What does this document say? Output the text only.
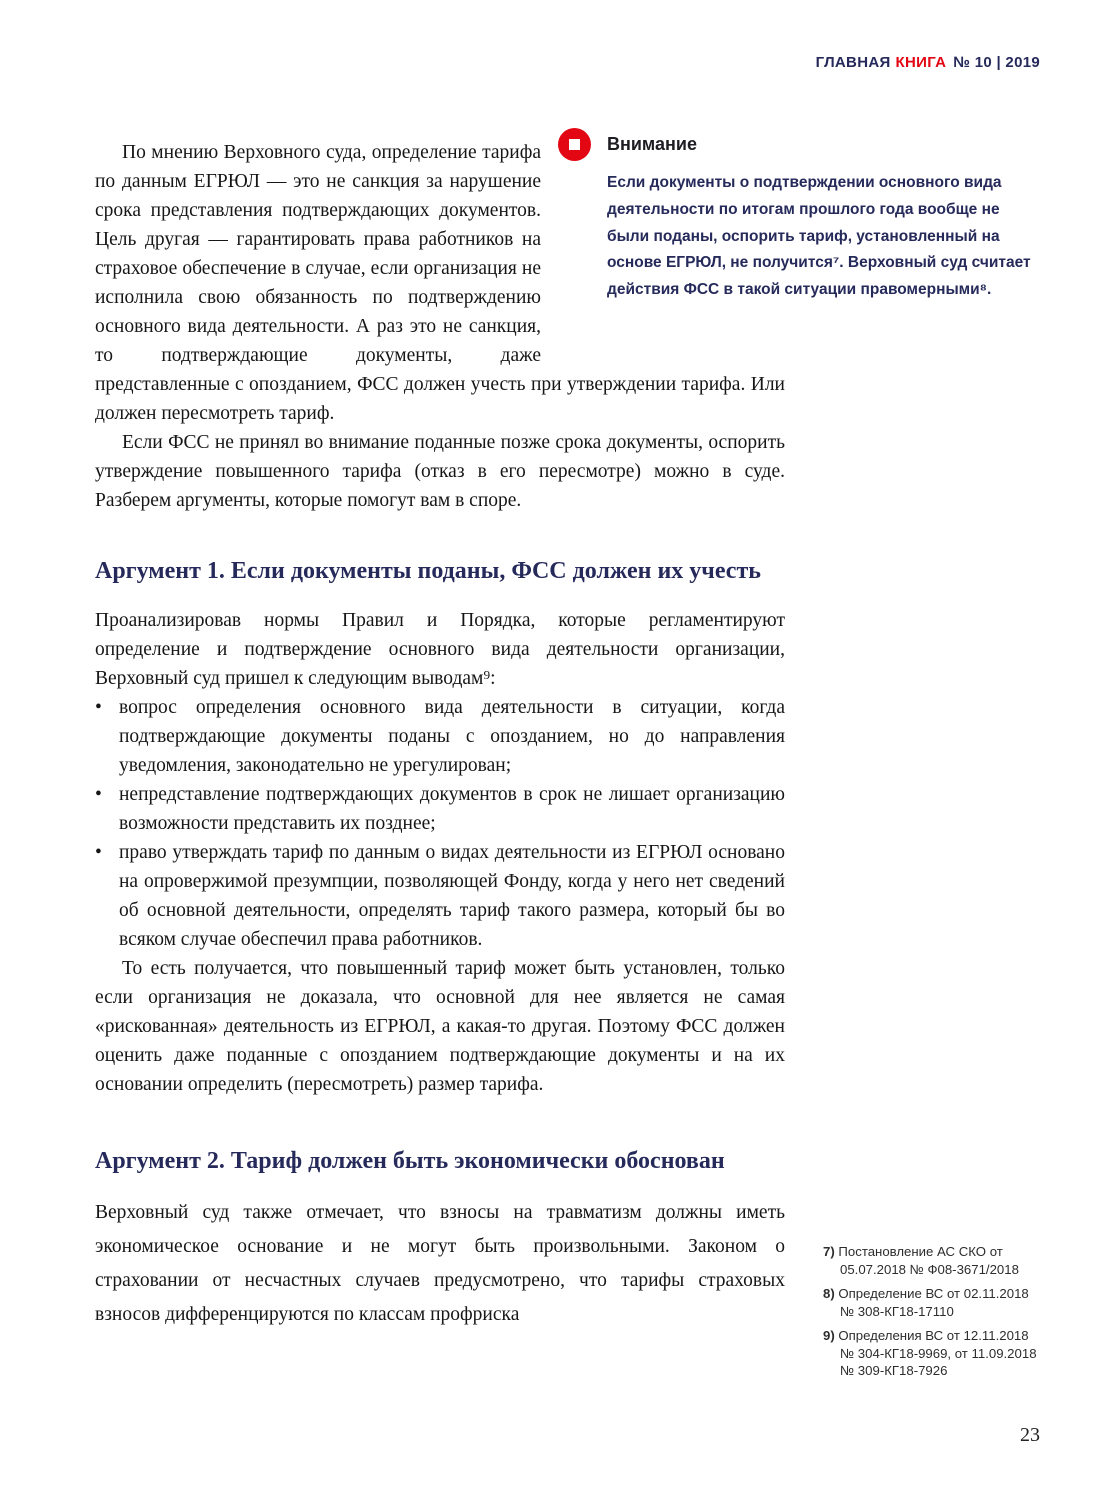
ГЛАВНАЯ КНИГА № 10 | 2019
Внимание

Если документы о подтверждении основного вида деятельности по итогам прошлого года вообще не были поданы, оспорить тариф, установленный на основе ЕГРЮЛ, не получится⁷. Верховный суд считает действия ФСС в такой ситуации правомерными⁸.

По мнению Верховного суда, определение тарифа по данным ЕГРЮЛ — это не санкция за нарушение срока представления подтверждающих документов. Цель другая — гарантировать права работников на страховое обеспечение в случае, если организация не исполнила свою обязанность по подтверждению основного вида деятельности. А раз это не санкция, то подтверждающие документы, даже представленные с опозданием, ФСС должен учесть при утверждении тарифа. Или должен пересмотреть тариф.

Если ФСС не принял во внимание поданные позже срока документы, оспорить утверждение повышенного тарифа (отказ в его пересмотре) можно в суде. Разберем аргументы, которые помогут вам в споре.

Аргумент 1. Если документы поданы, ФСС должен их учесть

Проанализировав нормы Правил и Порядка, которые регламентируют определение и подтверждение основного вида деятельности организации, Верховный суд пришел к следующим выводам⁹:

• вопрос определения основного вида деятельности в ситуации, когда подтверждающие документы поданы с опозданием, но до направления уведомления, законодательно не урегулирован;
• непредставление подтверждающих документов в срок не лишает организацию возможности представить их позднее;
• право утверждать тариф по данным о видах деятельности из ЕГРЮЛ основано на опровержимой презумпции, позволяющей Фонду, когда у него нет сведений об основной деятельности, определять тариф такого размера, который бы во всяком случае обеспечил права работников.

То есть получается, что повышенный тариф может быть установлен, только если организация не доказала, что основной для нее является не самая «рискованная» деятельность из ЕГРЮЛ, а какая-то другая. Поэтому ФСС должен оценить даже поданные с опозданием подтверждающие документы и на их основании определить (пересмотреть) размер тарифа.

Аргумент 2. Тариф должен быть экономически обоснован

Верховный суд также отмечает, что взносы на травматизм должны иметь экономическое основание и не могут быть произвольными. Законом о страховании от несчастных случаев предусмотрено, что тарифы страховых взносов дифференцируются по классам профриска

7) Постановление АС СКО от 05.07.2018 № Ф08-3671/2018

8) Определение ВС от 02.11.2018 № 308-КГ18-17110

9) Определения ВС от 12.11.2018 № 304-КГ18-9969, от 11.09.2018 № 309-КГ18-7926

23
